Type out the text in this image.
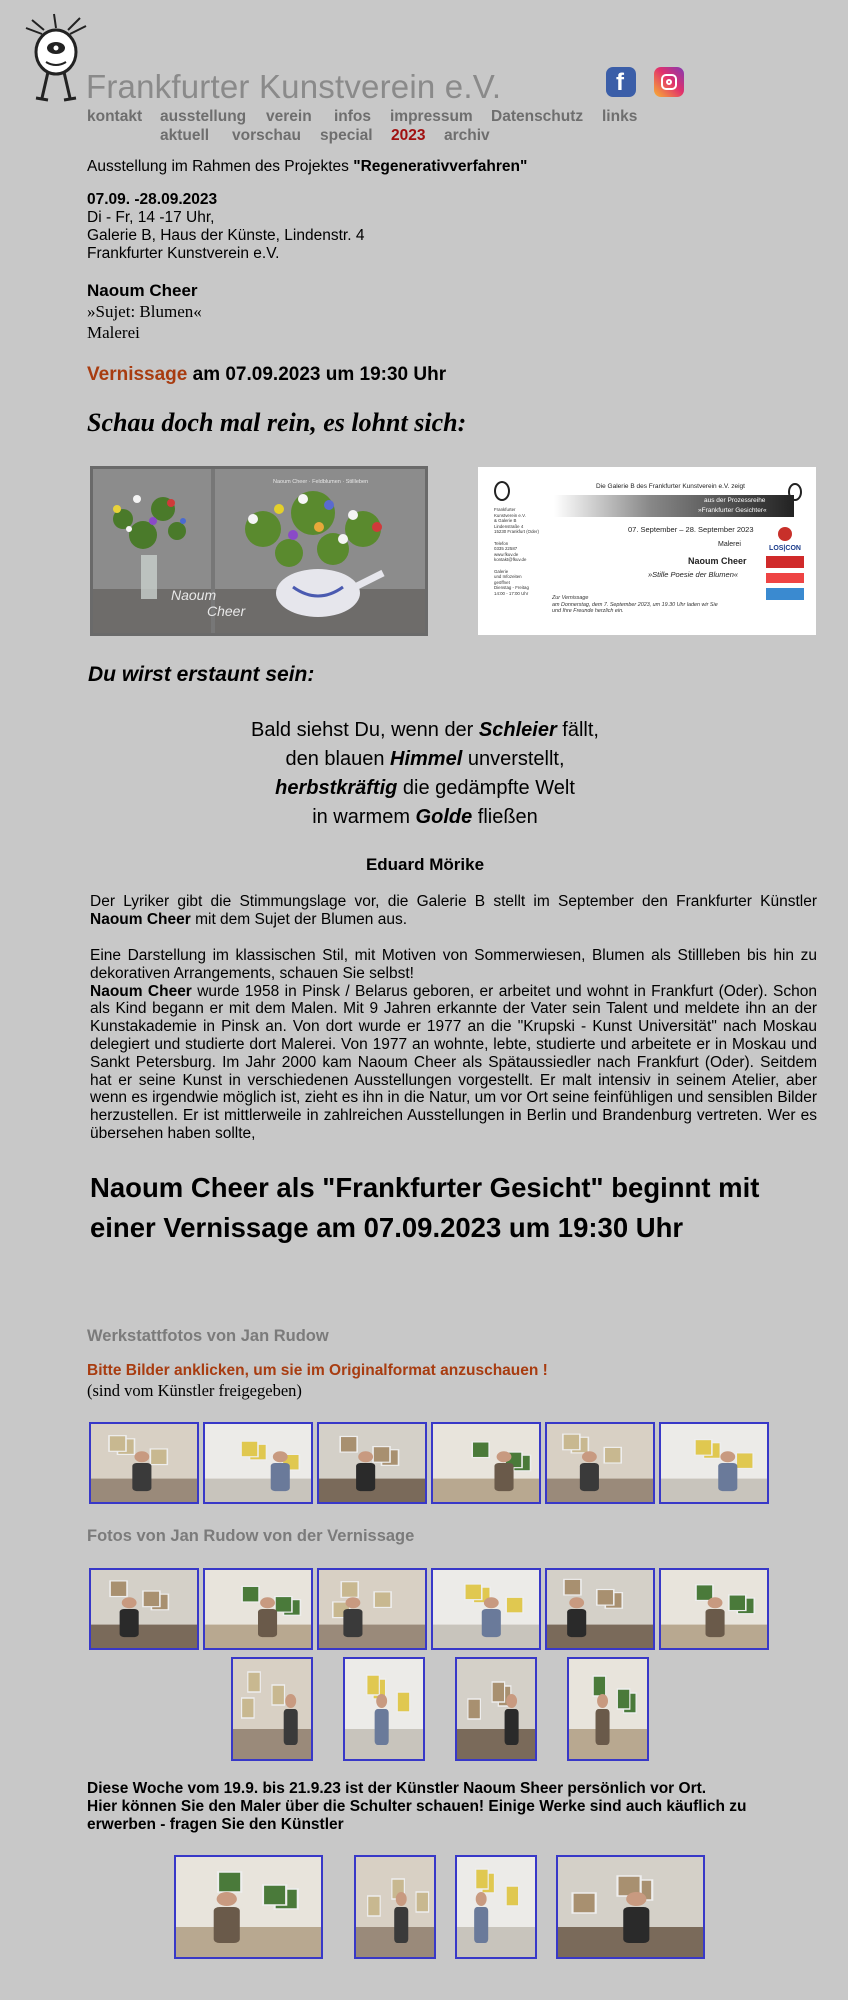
Frankfurter Kunstverein e.V.	f
kontakt ausstellung verein infos impressum Datenschutz links
aktuell vorschau special 2023 archiv
Ausstellung im Rahmen des Projektes "Regenerativverfahren"
07.09. -28.09.2023
Di - Fr, 14 -17 Uhr,
Galerie B, Haus der Künste, Lindenstr. 4
Frankfurter Kunstverein e.V.
Naoum Cheer
»Sujet: Blumen«
Malerei
Vernissage am 07.09.2023 um 19:30 Uhr
Schau doch mal rein, es lohnt sich:
Naoum Cheer · Feldblumen · Stillleben
Naoum
Cheer
Die Galerie B des Frankfurter Kunstverein e.V. zeigt
aus der Prozessreihe
»Frankfurter Gesichter«
07. September – 28. September 2023
Malerei
Naoum Cheer
»Stille Poesie der Blumen«
Frankfurter
Kunstverein e.V.
& Galerie B
Lindenstraße 4
15230 Frankfurt (Oder)

Telefon
0335 22587
www.fkuv.de
kontakt@fkuv.de

Galerie
und Infozeiten
geöffnet
Dienstag - Freitag
14:00 - 17:00 Uhr
Zur Vernissage
am Donnerstag, dem 7. September 2023, um 19.30 Uhr laden wir Sie
und Ihre Freunde herzlich ein.
LOS|CON
Du wirst erstaunt sein:
Bald siehst Du, wenn der Schleier fällt,
den blauen Himmel unverstellt,
herbstkräftig die gedämpfte Welt
in warmem Golde fließen
Eduard Mörike
Der Lyriker gibt die Stimmungslage vor, die Galerie B stellt im September den Frankfurter Künstler Naoum Cheer mit dem Sujet der Blumen aus.
Eine Darstellung im klassischen Stil, mit Motiven von Sommerwiesen, Blumen als Stillleben bis hin zu dekorativen Arrangements, schauen Sie selbst!
Naoum Cheer wurde 1958 in Pinsk / Belarus geboren, er arbeitet und wohnt in Frankfurt (Oder). Schon als Kind begann er mit dem Malen. Mit 9 Jahren erkannte der Vater sein Talent und meldete ihn an der Kunstakademie in Pinsk an. Von dort wurde er 1977 an die "Krupski - Kunst Universität" nach Moskau delegiert und studierte dort Malerei. Von 1977 an wohnte, lebte, studierte und arbeitete er in Moskau und Sankt Petersburg. Im Jahr 2000 kam Naoum Cheer als Spätaussiedler nach Frankfurt (Oder). Seitdem hat er seine Kunst in verschiedenen Ausstellungen vorgestellt. Er malt intensiv in seinem Atelier, aber wenn es irgendwie möglich ist, zieht es ihn in die Natur, um vor Ort seine feinfühligen und sensiblen Bilder herzustellen. Er ist mittlerweile in zahlreichen Ausstellungen in Berlin und Brandenburg vertreten. Wer es übersehen haben sollte,
Naoum Cheer als "Frankfurter Gesicht" beginnt mit einer Vernissage am 07.09.2023 um 19:30 Uhr
Werkstattfotos von Jan Rudow
Bitte Bilder anklicken, um sie im Originalformat anzuschauen !
(sind vom Künstler freigegeben)
Fotos von Jan Rudow von der Vernissage
Diese Woche vom 19.9. bis 21.9.23 ist der Künstler Naoum Sheer persönlich vor Ort.
Hier können Sie den Maler über die Schulter schauen! Einige Werke sind auch käuflich zu
erwerben - fragen Sie den Künstler
